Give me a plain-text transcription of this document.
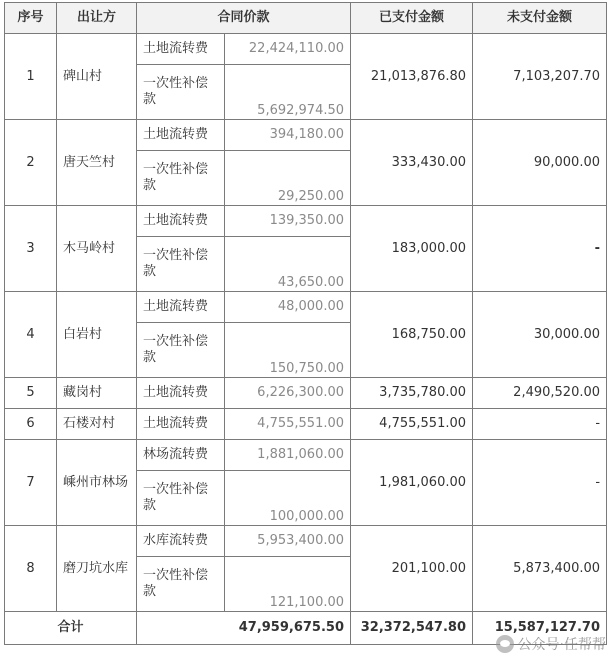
序号	出让方	合同价款		已支付金额	未支付金额
1	碑山村	土地流转费	22,424,110.00	21,013,876.80	7,103,207.70
		一次性补偿款	5,692,974.50		
2	唐天竺村	土地流转费	394,180.00	333,430.00	90,000.00
		一次性补偿款	29,250.00		
3	木马岭村	土地流转费	139,350.00	183,000.00	-
		一次性补偿款	43,650.00		
4	白岩村	土地流转费	48,000.00	168,750.00	30,000.00
		一次性补偿款	150,750.00		
5	藏岗村	土地流转费	6,226,300.00	3,735,780.00	2,490,520.00
6	石楼对村	土地流转费	4,755,551.00	4,755,551.00	-
7	嵊州市林场	林场流转费	1,881,060.00	1,981,060.00	-
		一次性补偿款	100,000.00		
8	磨刀坑水库	水库流转费	5,953,400.00	201,100.00	5,873,400.00
		一次性补偿款	121,100.00		
合计		47,959,675.50		32,372,547.80	15,587,127.70
公众号·任帮帮
